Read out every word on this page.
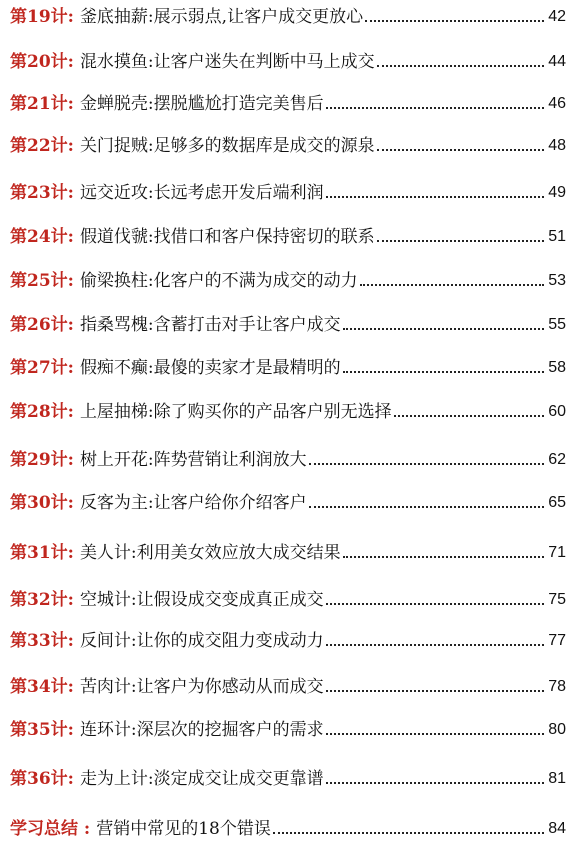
第19计: 釜底抽薪:展示弱点,让客户成交更放心	42
第20计: 混水摸鱼:让客户迷失在判断中马上成交	44
第21计: 金蝉脱壳:摆脱尴尬打造完美售后	46
第22计: 关门捉贼:足够多的数据库是成交的源泉	48
第23计: 远交近攻:长远考虑开发后端利润	49
第24计: 假道伐虢:找借口和客户保持密切的联系	51
第25计: 偷梁换柱:化客户的不满为成交的动力	53
第26计: 指桑骂槐:含蓄打击对手让客户成交	55
第27计: 假痴不癫:最傻的卖家才是最精明的	58
第28计: 上屋抽梯:除了购买你的产品客户别无选择	60
第29计: 树上开花:阵势营销让利润放大	62
第30计: 反客为主:让客户给你介绍客户	65
第31计: 美人计:利用美女效应放大成交结果	71
第32计: 空城计:让假设成交变成真正成交	75
第33计: 反间计:让你的成交阻力变成动力	77
第34计: 苦肉计:让客户为你感动从而成交	78
第35计: 连环计:深层次的挖掘客户的需求	80
第36计: 走为上计:淡定成交让成交更靠谱	81
学习总结 : 营销中常见的18个错误	84
